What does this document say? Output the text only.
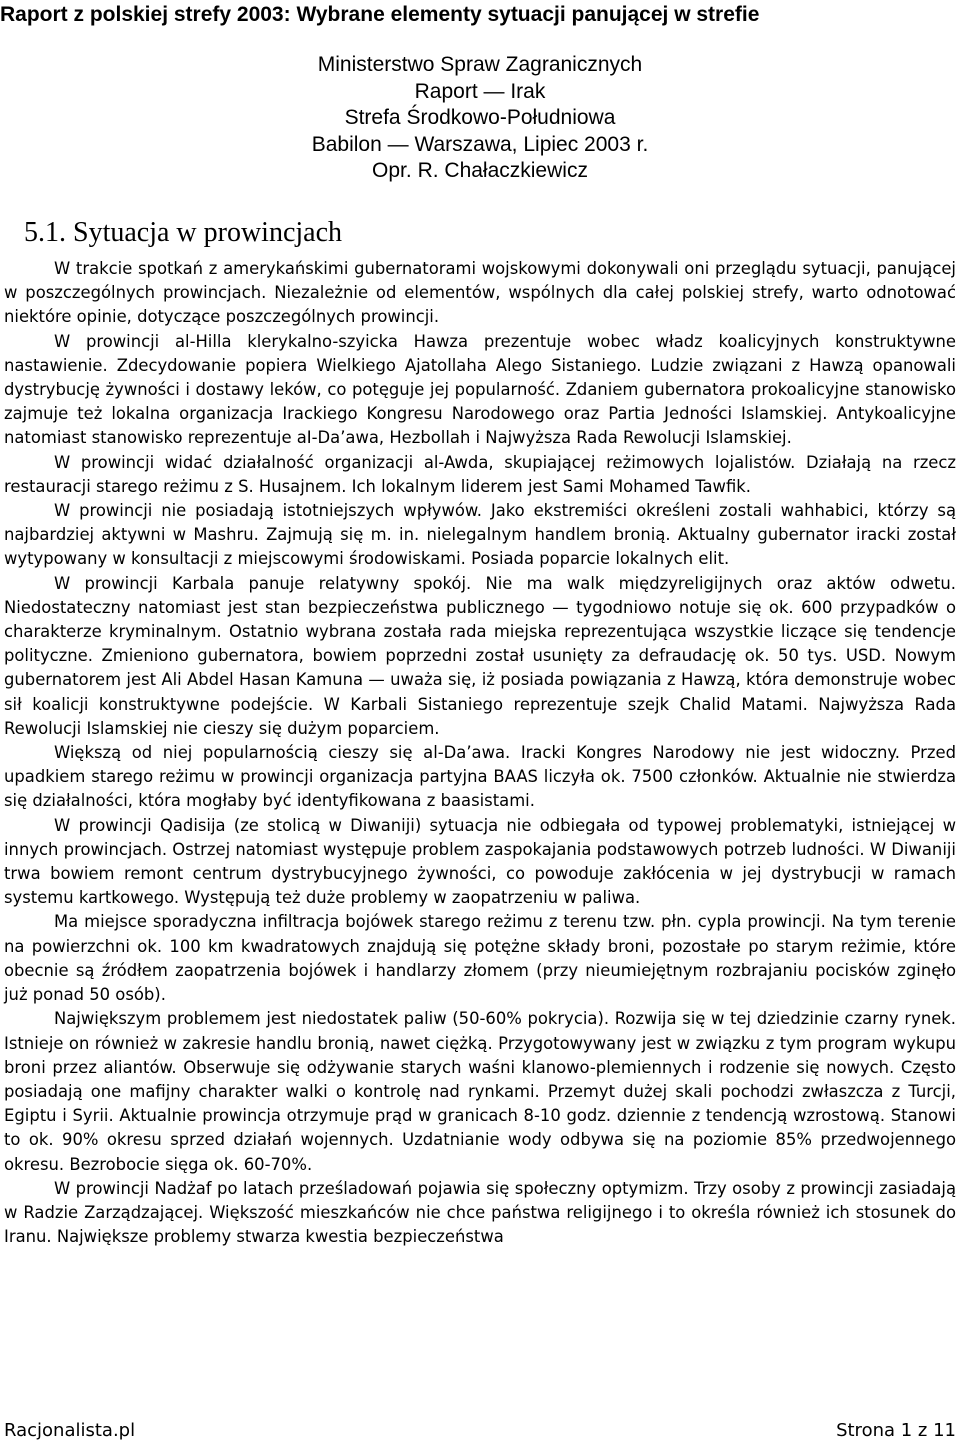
Raport z polskiej strefy 2003: Wybrane elementy sytuacji panującej w strefie
Ministerstwo Spraw Zagranicznych
Raport — Irak
Strefa Środkowo-Południowa
Babilon — Warszawa, Lipiec 2003 r.
Opr. R. Chałaczkiewicz
5.1. Sytuacja w prowincjach

W trakcie spotkań z amerykańskimi gubernatorami wojskowymi dokonywali oni przeglądu sytuacji, panującej w poszczególnych prowincjach. Niezależnie od elementów, wspólnych dla całej polskiej strefy, warto odnotować niektóre opinie, dotyczące poszczególnych prowincji.

W prowincji al-Hilla klerykalno-szyicka Hawza prezentuje wobec władz koalicyjnych konstruktywne nastawienie. Zdecydowanie popiera Wielkiego Ajatollaha Alego Sistaniego. Ludzie związani z Hawzą opanowali dystrybucję żywności i dostawy leków, co potęguje jej popularność. Zdaniem gubernatora prokoalicyjne stanowisko zajmuje też lokalna organizacja Irackiego Kongresu Narodowego oraz Partia Jedności Islamskiej. Antykoalicyjne natomiast stanowisko reprezentuje aI-Da’awa, Hezbollah i Najwyższa Rada Rewolucji Islamskiej.

W prowincji widać działalność organizacji al-Awda, skupiającej reżimowych lojalistów. Działają na rzecz restauracji starego reżimu z S. Husajnem. Ich lokalnym liderem jest Sami Mohamed Tawfik.

W prowincji nie posiadają istotniejszych wpływów. Jako ekstremiści określeni zostali wahhabici, którzy są najbardziej aktywni w Mashru. Zajmują się m. in. nielegalnym handlem bronią. Aktualny gubernator iracki został wytypowany w konsultacji z miejscowymi środowiskami. Posiada poparcie lokalnych elit.

W prowincji Karbala panuje relatywny spokój. Nie ma walk międzyreligijnych oraz aktów odwetu. Niedostateczny natomiast jest stan bezpieczeństwa publicznego — tygodniowo notuje się ok. 600 przypadków o charakterze kryminalnym. Ostatnio wybrana została rada miejska reprezentująca wszystkie liczące się tendencje polityczne. Zmieniono gubernatora, bowiem poprzedni został usunięty za defraudację ok. 50 tys. USD. Nowym gubernatorem jest Ali Abdel Hasan Kamuna — uważa się, iż posiada powiązania z Hawzą, która demonstruje wobec sił koalicji konstruktywne podejście. W Karbali Sistaniego reprezentuje szejk Chalid Matami. Najwyższa Rada Rewolucji Islamskiej nie cieszy się dużym poparciem.

Większą od niej popularnością cieszy się al-Da’awa. Iracki Kongres Narodowy nie jest widoczny. Przed upadkiem starego reżimu w prowincji organizacja partyjna BAAS liczyła ok. 7500 członków. Aktualnie nie stwierdza się działalności, która mogłaby być identyfikowana z baasistami.

W prowincji Qadisija (ze stolicą w Diwaniji) sytuacja nie odbiegała od typowej problematyki, istniejącej w innych prowincjach. Ostrzej natomiast występuje problem zaspokajania podstawowych potrzeb ludności. W Diwaniji trwa bowiem remont centrum dystrybucyjnego żywności, co powoduje zakłócenia w jej dystrybucji w ramach systemu kartkowego. Występują też duże problemy w zaopatrzeniu w paliwa.

Ma miejsce sporadyczna infiltracja bojówek starego reżimu z terenu tzw. płn. cypla prowincji. Na tym terenie na powierzchni ok. 100 km kwadratowych znajdują się potężne składy broni, pozostałe po starym reżimie, które obecnie są źródłem zaopatrzenia bojówek i handlarzy złomem (przy nieumiejętnym rozbrajaniu pocisków zginęło już ponad 50 osób).

Największym problemem jest niedostatek paliw (50-60% pokrycia). Rozwija się w tej dziedzinie czarny rynek. Istnieje on również w zakresie handlu bronią, nawet ciężką. Przygotowywany jest w związku z tym program wykupu broni przez aliantów. Obserwuje się odżywanie starych waśni klanowo-plemiennych i rodzenie się nowych. Często posiadają one mafijny charakter walki o kontrolę nad rynkami. Przemyt dużej skali pochodzi zwłaszcza z Turcji, Egiptu i Syrii. Aktualnie prowincja otrzymuje prąd w granicach 8-10 godz. dziennie z tendencją wzrostową. Stanowi to ok. 90% okresu sprzed działań wojennych. Uzdatnianie wody odbywa się na poziomie 85% przedwojennego okresu. Bezrobocie sięga ok. 60-70%.

W prowincji Nadżaf po latach prześladowań pojawia się społeczny optymizm. Trzy osoby z prowincji zasiadają w Radzie Zarządzającej. Większość mieszkańców nie chce państwa religijnego i to określa również ich stosunek do Iranu. Największe problemy stwarza kwestia bezpieczeństwa

Racjonalista.pl	Strona 1 z 11
